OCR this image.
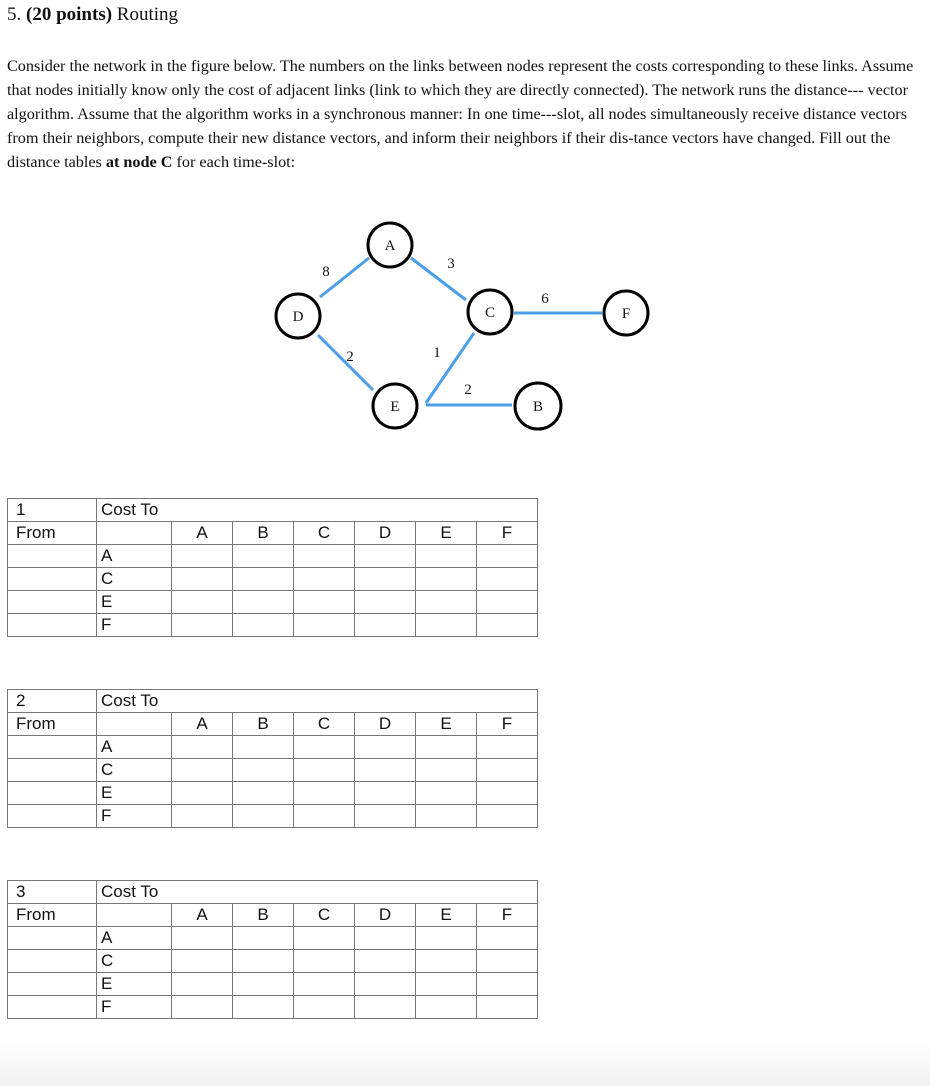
5. (20 points) Routing

Consider the network in the figure below. The numbers on the links between nodes represent the costs corresponding to these links. Assume that nodes initially know only the cost of adjacent links (link to which they are directly connected). The network runs the distance--- vector algorithm. Assume that the algorithm works in a synchronous manner: In one time---slot, all nodes simultaneously receive distance vectors from their neighbors, compute their new distance vectors, and inform their neighbors if their dis-tance vectors have changed. Fill out the distance tables at node C for each time-slot:

A
D	C	F
E	B
8	3
6
2	1
2
1	Cost To						
From		A	B	C	D	E	F
	A						
	C						
	E						
	F						
2	Cost To						
From		A	B	C	D	E	F
	A						
	C						
	E						
	F						
3	Cost To						
From		A	B	C	D	E	F
	A						
	C						
	E						
	F						
